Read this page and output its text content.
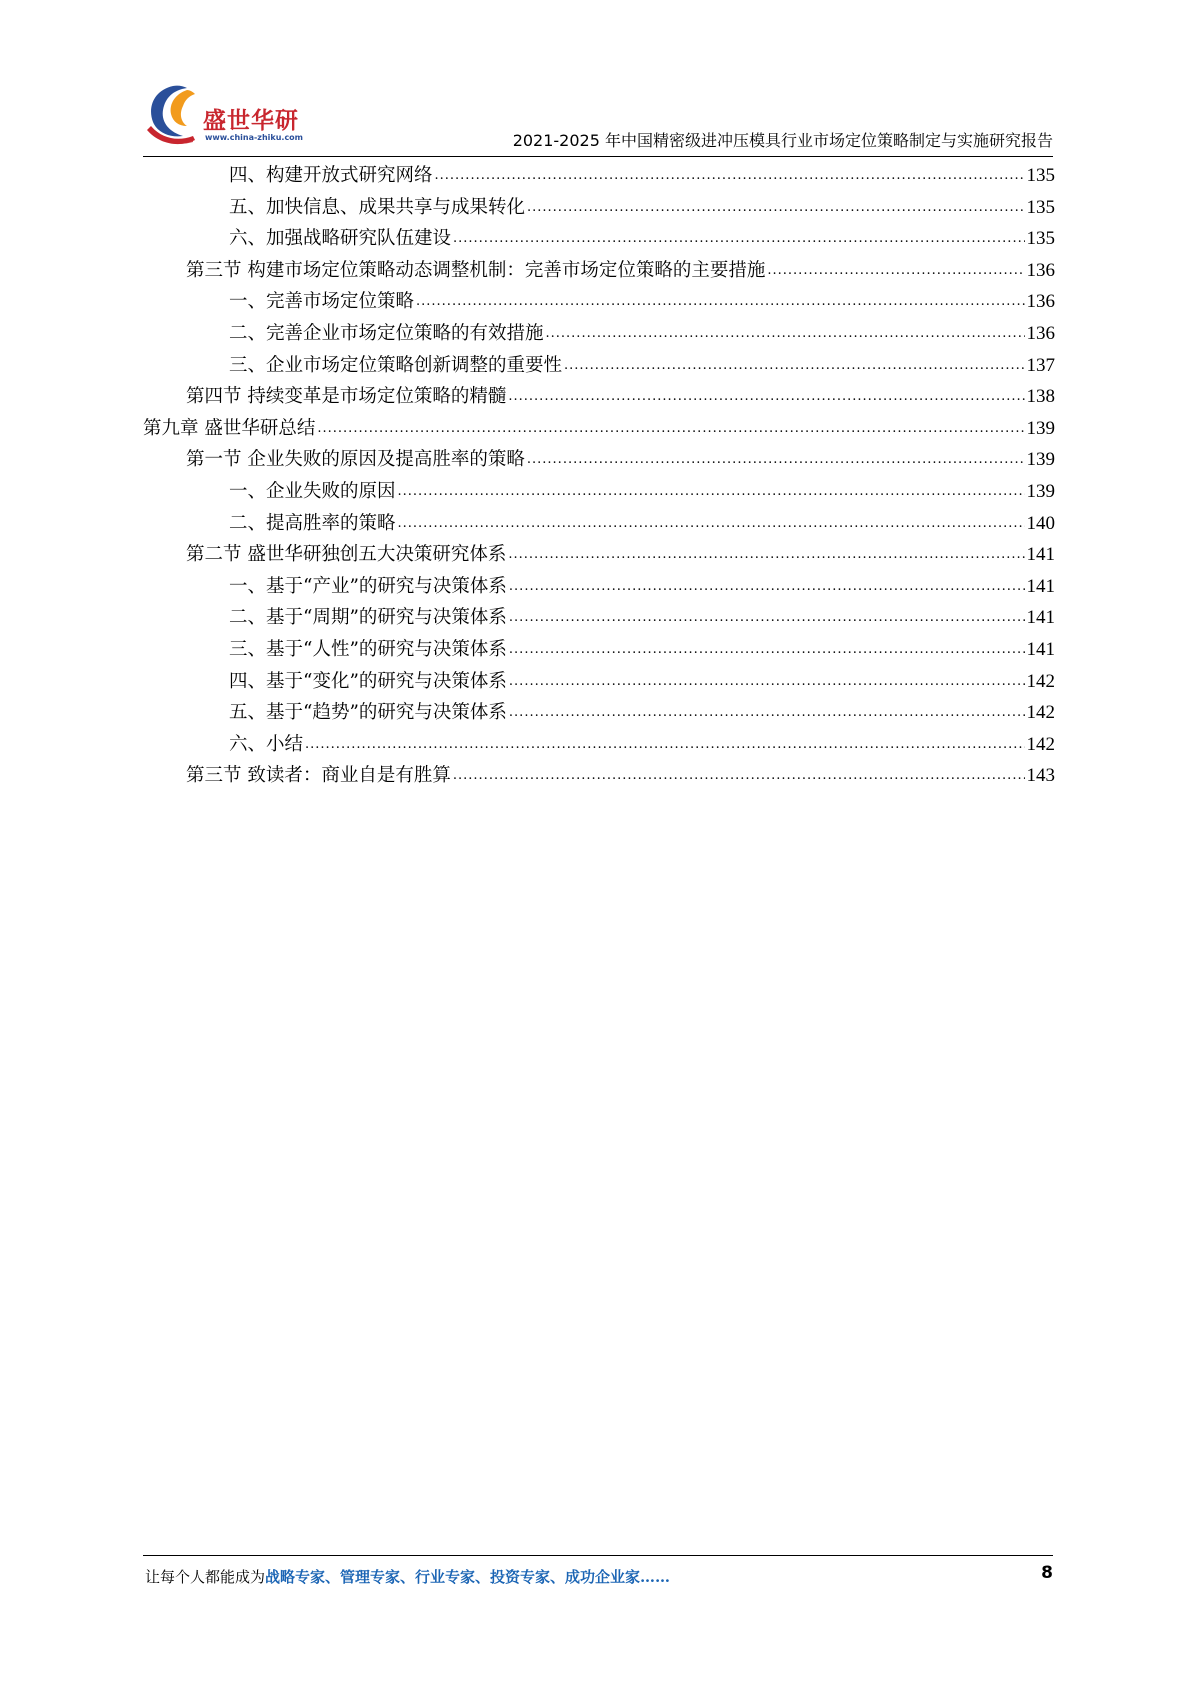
盛世华研
www.china-zhiku.com	2021-2025 年中国精密级进冲压模具行业市场定位策略制定与实施研究报告
四、构建开放式研究网络 .....	135
五、加快信息、成果共享与成果转化 .....	135
六、加强战略研究队伍建设 .....	135
第三节 构建市场定位策略动态调整机制：完善市场定位策略的主要措施 .....	136
一、完善市场定位策略 .....	136
二、完善企业市场定位策略的有效措施 .....	136
三、企业市场定位策略创新调整的重要性 .....	137
第四节 持续变革是市场定位策略的精髓 .....	138
第九章 盛世华研总结 .....	139
第一节 企业失败的原因及提高胜率的策略 .....	139
一、企业失败的原因 .....	139
二、提高胜率的策略 .....	140
第二节 盛世华研独创五大决策研究体系 .....	141
一、基于“产业”的研究与决策体系 .....	141
二、基于“周期”的研究与决策体系 .....	141
三、基于“人性”的研究与决策体系 .....	141
四、基于“变化”的研究与决策体系 .....	142
五、基于“趋势”的研究与决策体系 .....	142
六、小结 .....	142
第三节 致读者：商业自是有胜算 .....	143
让每个人都能成为战略专家、管理专家、行业专家、投资专家、成功企业家……	8
